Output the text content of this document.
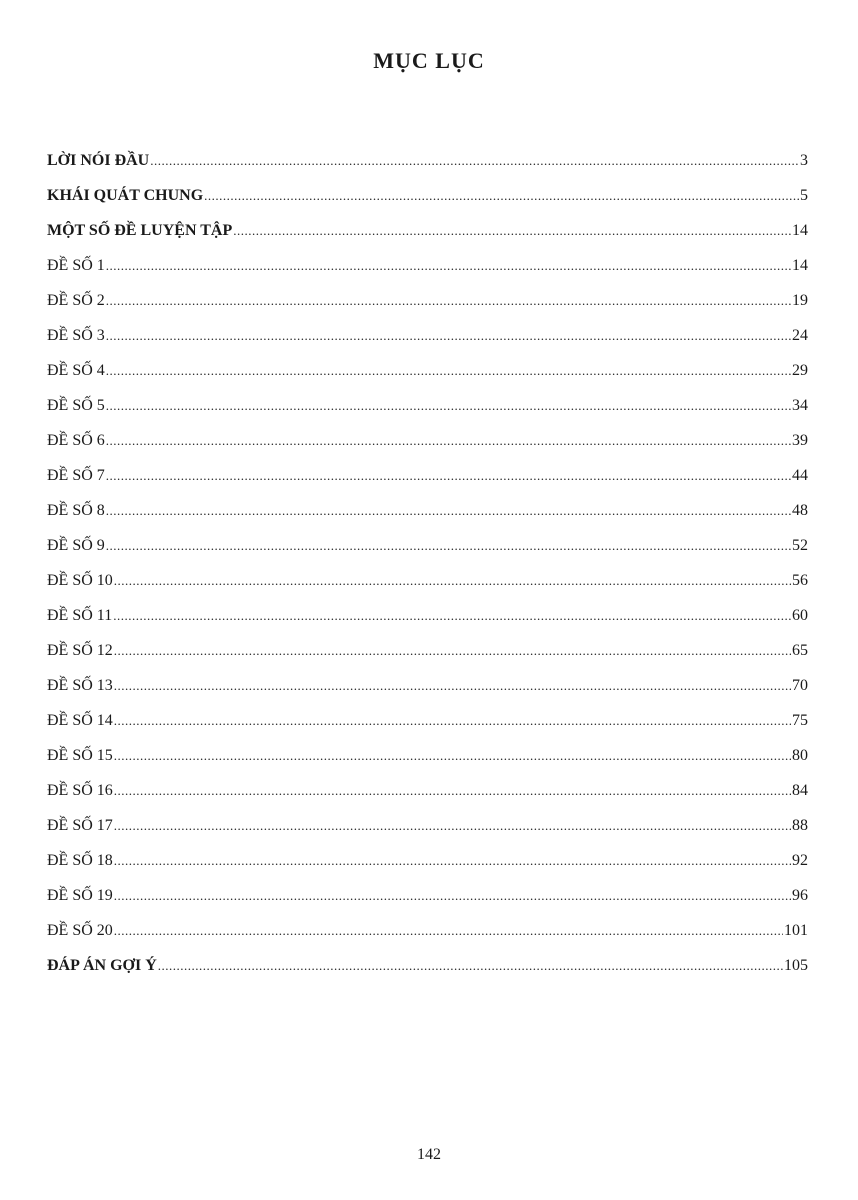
MỤC LỤC
LỜI NÓI ĐẦU .....	3
KHÁI QUÁT CHUNG .....	5
MỘT SỐ ĐỀ LUYỆN TẬP .....	14
ĐỀ SỐ 1 .....	14
ĐỀ SỐ 2 .....	19
ĐỀ SỐ 3 .....	24
ĐỀ SỐ 4 .....	29
ĐỀ SỐ 5 .....	34
ĐỀ SỐ 6 .....	39
ĐỀ SỐ 7 .....	44
ĐỀ SỐ 8 .....	48
ĐỀ SỐ 9 .....	52
ĐỀ SỐ 10 .....	56
ĐỀ SỐ 11 .....	60
ĐỀ SỐ 12 .....	65
ĐỀ SỐ 13 .....	70
ĐỀ SỐ 14 .....	75
ĐỀ SỐ 15 .....	80
ĐỀ SỐ 16 .....	84
ĐỀ SỐ 17 .....	88
ĐỀ SỐ 18 .....	92
ĐỀ SỐ 19 .....	96
ĐỀ SỐ 20 .....	101
ĐÁP ÁN GỢI Ý .....	105
142
